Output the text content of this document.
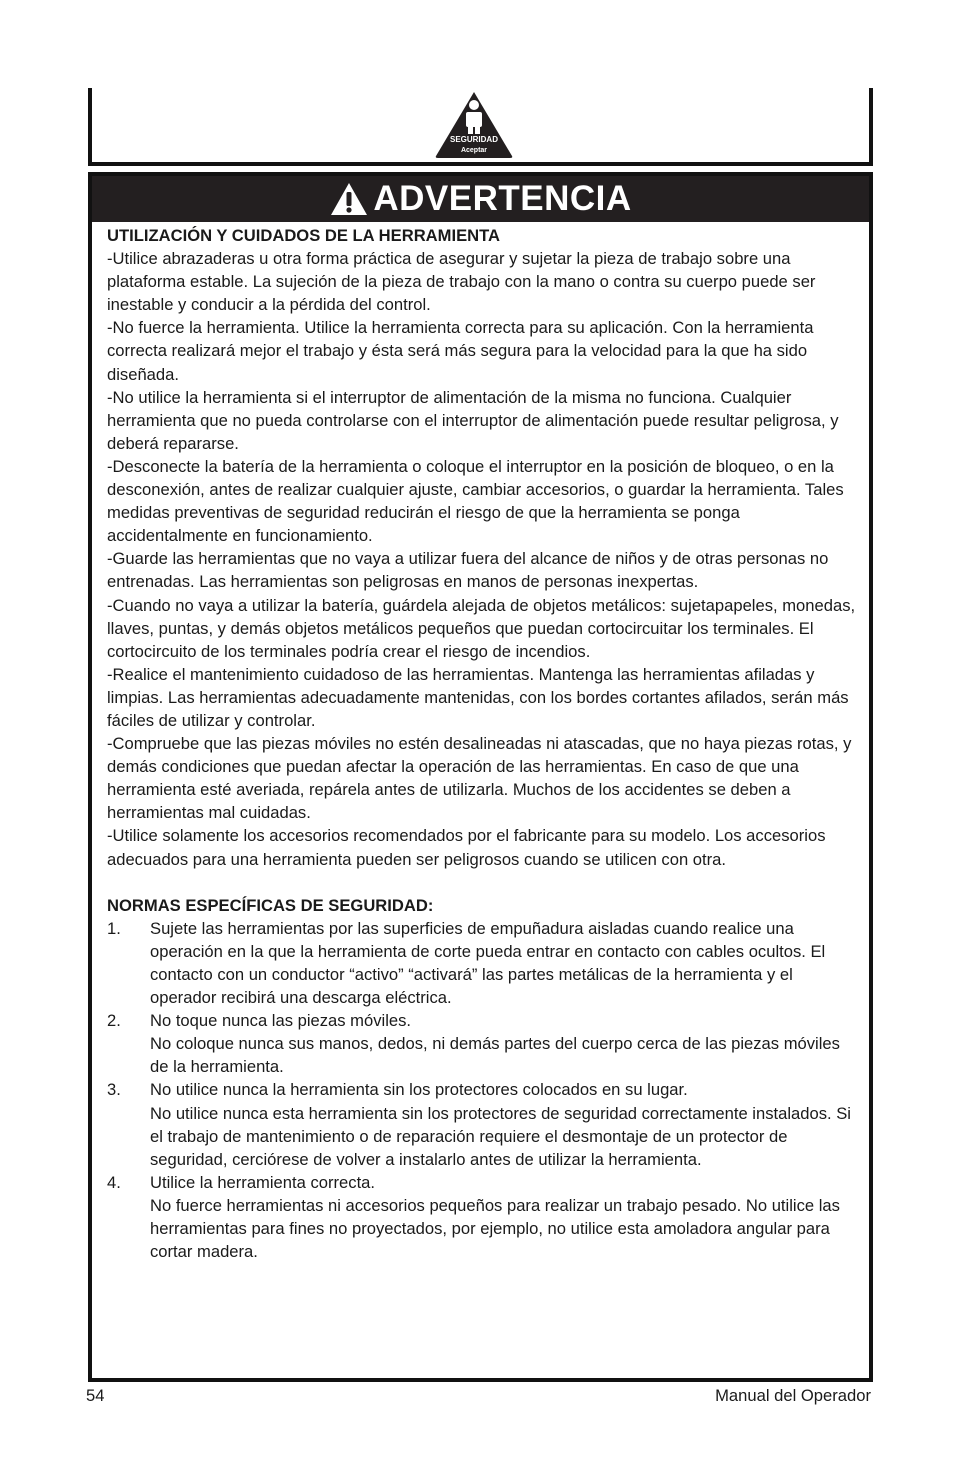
SEGURIDAD
Aceptar
ADVERTENCIA
UTILIZACIÓN Y CUIDADOS DE LA HERRAMIENTA

-Utilice abrazaderas u otra forma práctica de asegurar y sujetar la pieza de trabajo sobre una plataforma estable. La sujeción de la pieza de trabajo con la mano o contra su cuerpo puede ser inestable y conducir a la pérdida del control.

-No fuerce la herramienta. Utilice la herramienta correcta para su aplicación. Con la herramienta correcta realizará mejor el trabajo y ésta será más segura para la velocidad para la que ha sido diseñada.

-No utilice la herramienta si el interruptor de alimentación de la misma no funciona. Cualquier herramienta que no pueda controlarse con el interruptor de alimentación puede resultar peligrosa, y deberá repararse.

-Desconecte la batería de la herramienta o coloque el interruptor en la posición de bloqueo, o en la desconexión, antes de realizar cualquier ajuste, cambiar accesorios, o guardar la herramienta. Tales medidas preventivas de seguridad reducirán el riesgo de que la herramienta se ponga accidentalmente en funcionamiento.

-Guarde las herramientas que no vaya a utilizar fuera del alcance de niños y de otras personas no entrenadas. Las herramientas son peligrosas en manos de personas inexpertas.

-Cuando no vaya a utilizar la batería, guárdela alejada de objetos metálicos: sujetapapeles, monedas, llaves, puntas, y demás objetos metálicos pequeños que puedan cortocircuitar los terminales. El cortocircuito de los terminales podría crear el riesgo de incendios.

-Realice el mantenimiento cuidadoso de las herramientas. Mantenga las herramientas afiladas y limpias. Las herramientas adecuadamente mantenidas, con los bordes cortantes afilados, serán más fáciles de utilizar y controlar.

-Compruebe que las piezas móviles no estén desalineadas ni atascadas, que no haya piezas rotas, y demás condiciones que puedan afectar la operación de las herramientas. En caso de que una herramienta esté averiada, repárela antes de utilizarla. Muchos de los accidentes se deben a herramientas mal cuidadas.

-Utilice solamente los accesorios recomendados por el fabricante para su modelo. Los accesorios adecuados para una herramienta pueden ser peligrosos cuando se utilicen con otra.

NORMAS ESPECÍFICAS DE SEGURIDAD:
1.	Sujete las herramientas por las superficies de empuñadura aisladas cuando realice una operación en la que la herramienta de corte pueda entrar en contacto con cables ocultos. El contacto con un conductor “activo” “activará” las partes metálicas de la herramienta y el operador recibirá una descarga eléctrica.
2.	No toque nunca las piezas móviles.
No coloque nunca sus manos, dedos, ni demás partes del cuerpo cerca de las piezas móviles de la herramienta.
3.	No utilice nunca la herramienta sin los protectores colocados en su lugar.
No utilice nunca esta herramienta sin los protectores de seguridad correctamente instalados. Si el trabajo de mantenimiento o de reparación requiere el desmontaje de un protector de seguridad, cerciórese de volver a instalarlo antes de utilizar la herramienta.
4.	Utilice la herramienta correcta.
No fuerce herramientas ni accesorios pequeños para realizar un trabajo pesado. No utilice las herramientas para fines no proyectados, por ejemplo, no utilice esta amoladora angular para cortar madera.
54	Manual del Operador
